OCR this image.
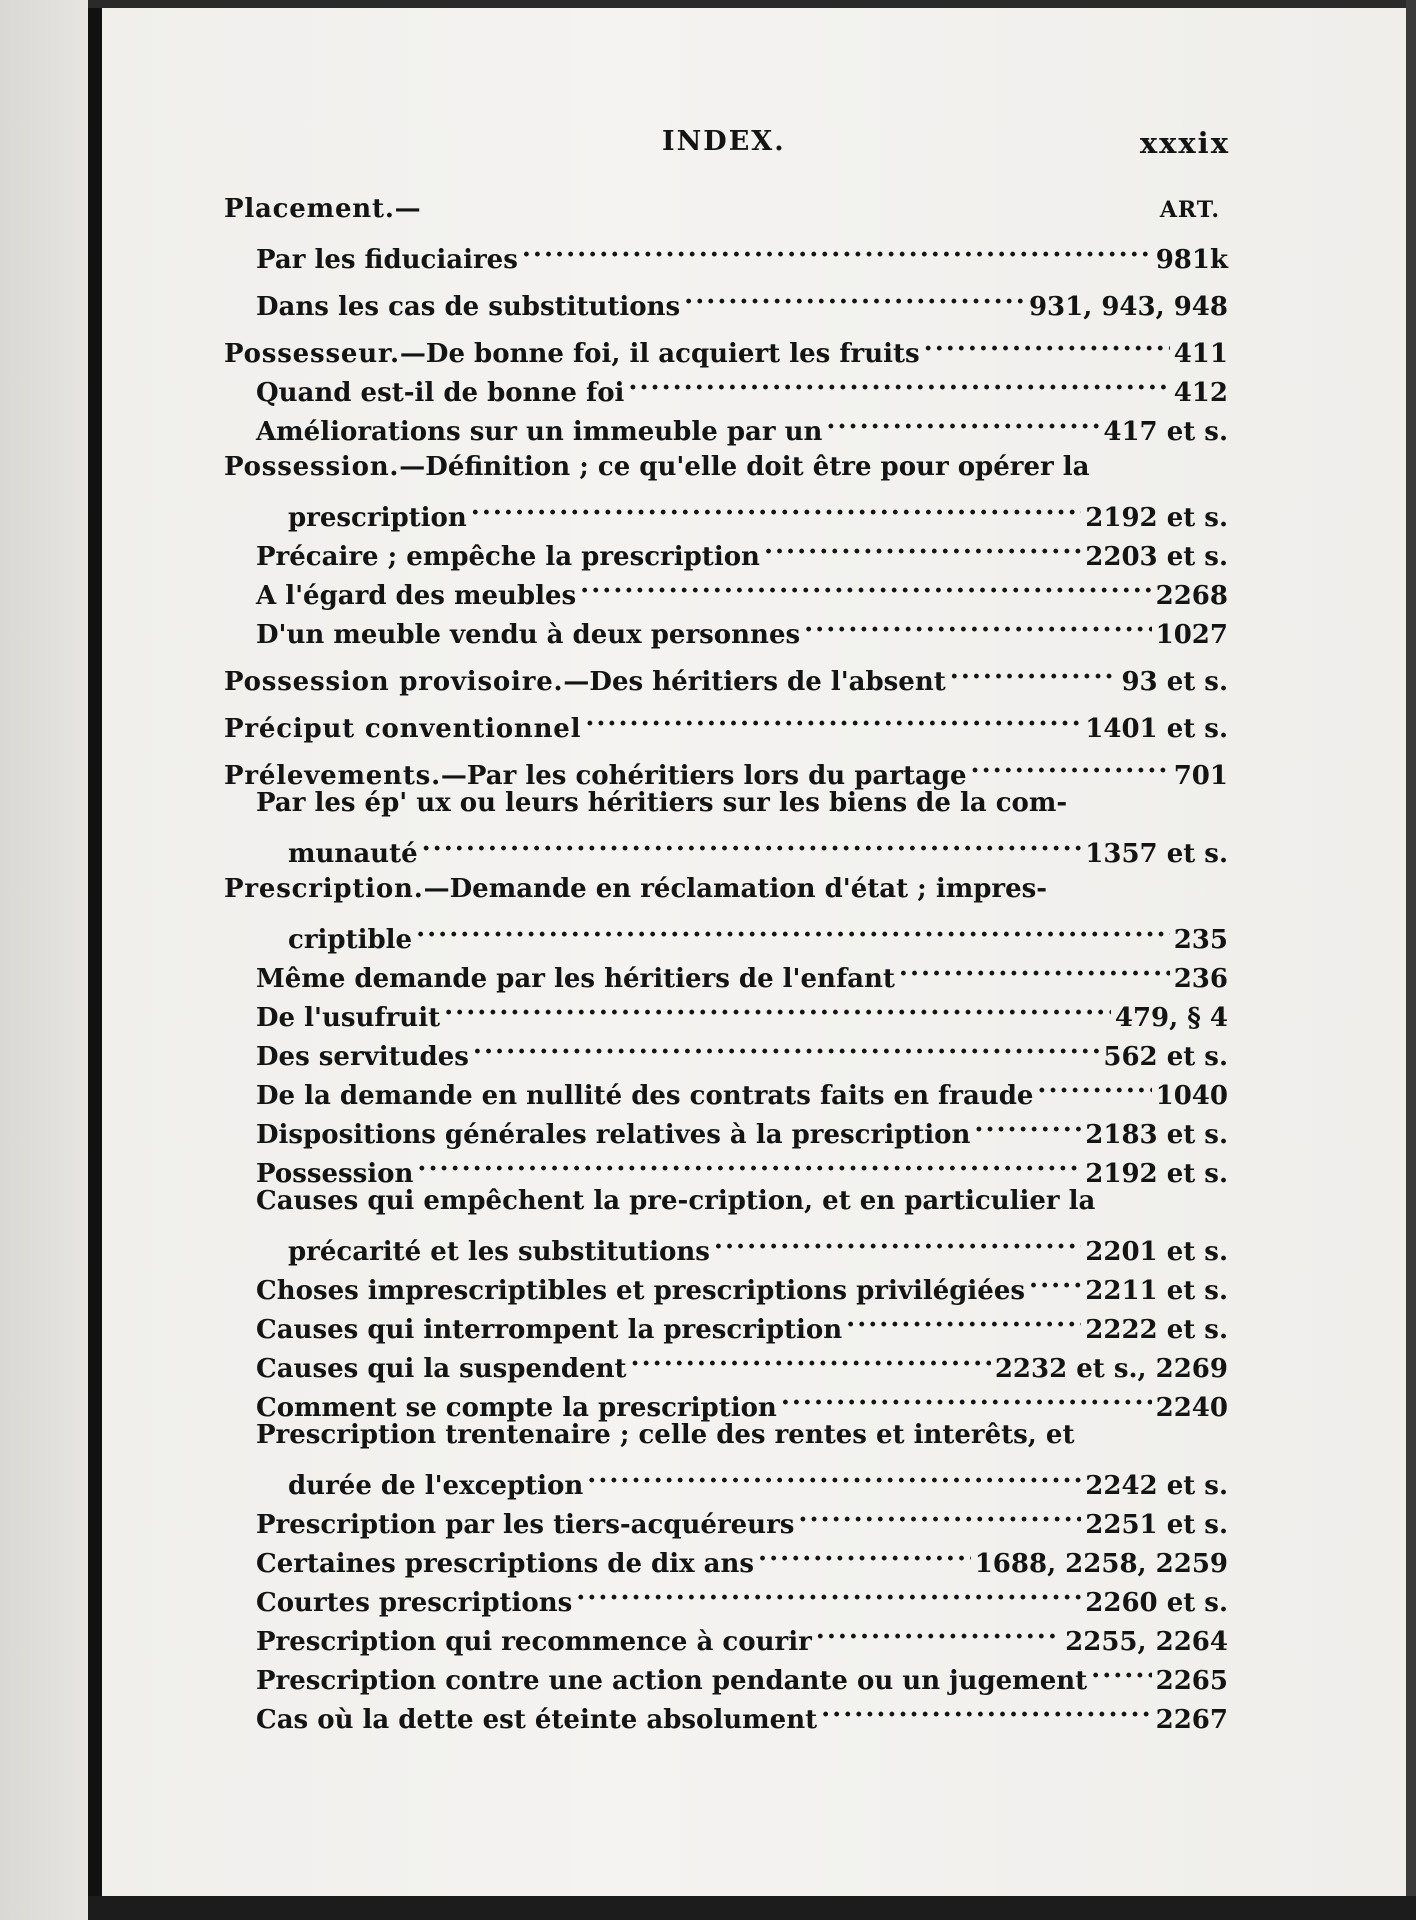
INDEX.	xxxix
Placement.—	ART.
Par les fiduciaires .....	981k
Dans les cas de substitutions .....	931, 943, 948
Possesseur.—De bonne foi, il acquiert les fruits .....	411
Quand est-il de bonne foi .....	412
Améliorations sur un immeuble par un .....	417 et s.
Possession.—Définition ; ce qu'elle doit être pour opérer la
prescription .....	2192 et s.
Précaire ; empêche la prescription .....	2203 et s.
A l'égard des meubles .....	2268
D'un meuble vendu à deux personnes .....	1027
Possession provisoire.—Des héritiers de l'absent .....	93 et s.
Préciput conventionnel .....	1401 et s.
Prélevements.—Par les cohéritiers lors du partage .....	701
Par les ép' ux ou leurs héritiers sur les biens de la com-
munauté .....	1357 et s.
Prescription.—Demande en réclamation d'état ; impres-
criptible .....	235
Même demande par les héritiers de l'enfant .....	236
De l'usufruit .....	479, § 4
Des servitudes .....	562 et s.
De la demande en nullité des contrats faits en fraude .....	1040
Dispositions générales relatives à la prescription .....	2183 et s.
Possession .....	2192 et s.
Causes qui empêchent la pre-cription, et en particulier la
précarité et les substitutions .....	2201 et s.
Choses imprescriptibles et prescriptions privilégiées ..... 2211 et s.
Causes qui interrompent la prescription .....	2222 et s.
Causes qui la suspendent .....	2232 et s., 2269
Comment se compte la prescription .....	2240
Prescription trentenaire ; celle des rentes et interêts, et
durée de l'exception .....	2242 et s.
Prescription par les tiers-acquéreurs .....	2251 et s.
Certaines prescriptions de dix ans .....	1688, 2258, 2259
Courtes prescriptions .....	2260 et s.
Prescription qui recommence à courir .....	2255, 2264
Prescription contre une action pendante ou un jugement .....	2265
Cas où la dette est éteinte absolument .....	2267
